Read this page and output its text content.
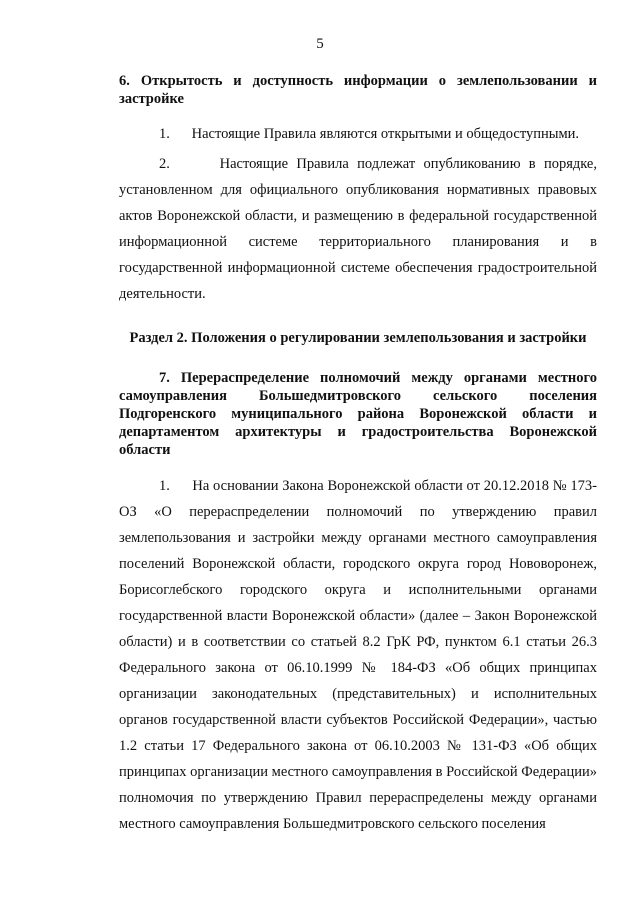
5
6. Открытость и доступность информации о землепользовании и застройке
1.      Настоящие Правила являются открытыми и общедоступными.
2.      Настоящие Правила подлежат опубликованию в порядке, установленном для официального опубликования нормативных правовых актов Воронежской области, и размещению в федеральной государственной информационной системе территориального планирования и в государственной информационной системе обеспечения градостроительной деятельности.
Раздел 2. Положения о регулировании землепользования и застройки
7. Перераспределение полномочий между органами местного самоуправления Большедмитровского сельского поселения Подгоренского муниципального района Воронежской области и департаментом архитектуры и градостроительства Воронежской области
1.      На основании Закона Воронежской области от 20.12.2018 № 173-ОЗ «О перераспределении полномочий по утверждению правил землепользования и застройки между органами местного самоуправления поселений Воронежской области, городского округа город Нововоронеж, Борисоглебского городского округа и исполнительными органами государственной власти Воронежской области» (далее – Закон Воронежской области) и в соответствии со статьей 8.2 ГрК РФ, пунктом 6.1 статьи 26.3 Федерального закона от 06.10.1999 № 184-ФЗ «Об общих принципах организации законодательных (представительных) и исполнительных органов государственной власти субъектов Российской Федерации», частью 1.2 статьи 17 Федерального закона от 06.10.2003 № 131-ФЗ «Об общих принципах организации местного самоуправления в Российской Федерации» полномочия по утверждению Правил перераспределены между органами местного самоуправления Большедмитровского сельского поселения
